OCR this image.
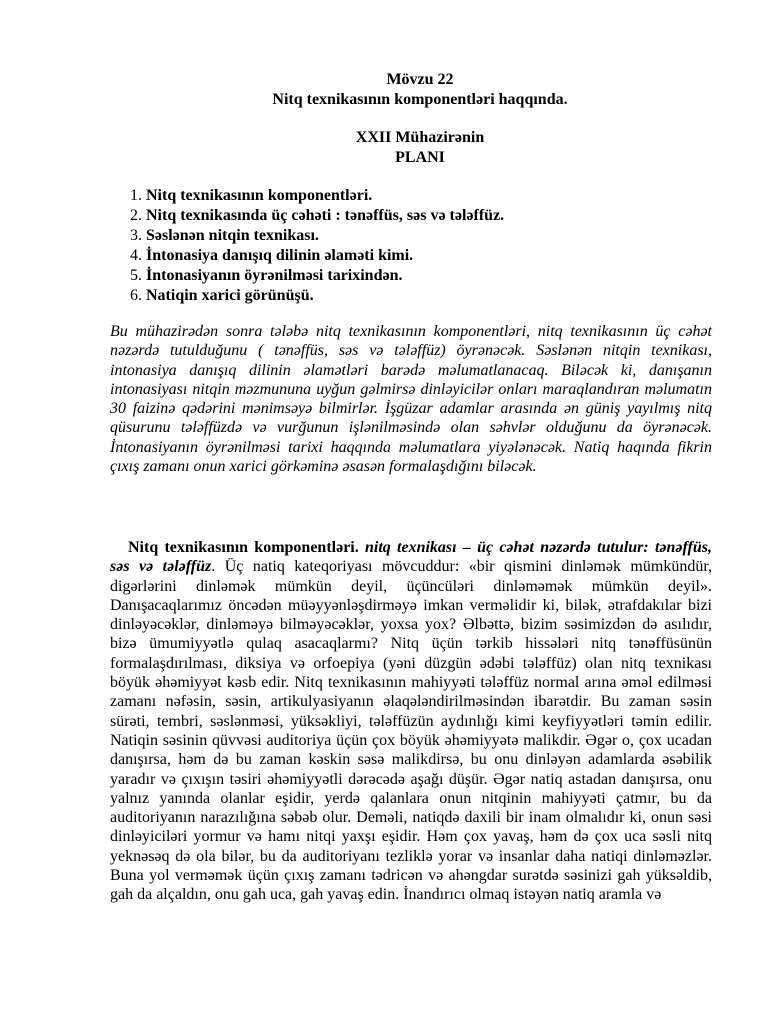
Mövzu 22
Nitq texnikasının komponentləri haqqında.
XXII Mühazirənin
PLANI
1. Nitq texnikasının komponentləri.
2. Nitq texnikasında üç cəhəti : tənəffüs, səs və tələffüz.
3. Səslənən nitqin texnikası.
4. İntonasiya danışıq dilinin əlaməti kimi.
5. İntonasiyanın öyrənilməsi tarixindən.
6. Natiqin xarici görünüşü.

Bu mühazirədən sonra tələbə nitq texnikasının komponentləri, nitq texnikasının üç cəhət nəzərdə tutulduğunu ( tənəffüs, səs və tələffüz) öyrənəcək. Səslənən nitqin texnikası, intonasiya danışıq dilinin əlamətləri barədə məlumatlanacaq. Biləcək ki, danışanın intonasiyası nitqin məzmununa uyğun gəlmirsə dinləyicilər onları maraqlandıran məlumatın 30 faizinə qədərini mənimsəyə bilmirlər. İşgüzar adamlar arasında ən güniş yayılmış nitq qüsurunu tələffüzdə və vurğunun işlənilməsində olan səhvlər olduğunu da öyrənəcək. İntonasiyanın öyrənilməsi tarixi haqqında məlumatlara yiyələnəcək. Natiq haqında fikrin çıxış zamanı onun xarici görkəminə əsasən formalaşdığını biləcək.

Nitq texnikasının komponentləri. nitq texnikası – üç cəhət nəzərdə tutulur: tənəffüs, səs və tələffüz. Üç natiq kateqoriyası mövcuddur: «bir qismini dinləmək mümkündür, digərlərini dinləmək mümkün deyil, üçüncüləri dinləməmək mümkün deyil». Danışacaqlarımız öncədən müəyyənləşdirməyə imkan verməlidir ki, bilək, ətrafdakılar bizi dinləyəcəklər, dinləməyə bilməyəcəklər, yoxsa yox? Əlbəttə, bizim səsimizdən də asılıdır, bizə ümumiyyətlə qulaq asacaqlarmı? Nitq üçün tərkib hissələri nitq tənəffüsünün formalaşdırılması, diksiya və orfoepiya (yəni düzgün ədəbi tələffüz) olan nitq texnikası böyük əhəmiyyət kəsb edir. Nitq texnikasının mahiyyəti tələffüz normal arına əməl edilməsi zamanı nəfəsin, səsin, artikulyasiyanın əlaqələndirilməsindən ibarətdir. Bu zaman səsin sürəti, tembri, səslənməsi, yüksəkliyi, tələffüzün aydınlığı kimi keyfiyyətləri təmin edilir. Natiqin səsinin qüvvəsi auditoriya üçün çox böyük əhəmiyyətə malikdir. Əgər o, çox ucadan danışırsa, həm də bu zaman kəskin səsə malikdirsə, bu onu dinləyən adamlarda əsəbilik yaradır və çıxışın təsiri əhəmiyyətli dərəcədə aşağı düşür. Əgər natiq astadan danışırsa, onu yalnız yanında olanlar eşidir, yerdə qalanlara onun nitqinin mahiyyəti çatmır, bu da auditoriyanın narazılığına səbəb olur. Deməli, natiqdə daxili bir inam olmalıdır ki, onun səsi dinləyiciləri yormur və hamı nitqi yaxşı eşidir. Həm çox yavaş, həm də çox uca səsli nitq yeknəsəq də ola bilər, bu da auditoriyanı tezliklə yorar və insanlar daha natiqi dinləməzlər. Buna yol verməmək üçün çıxış zamanı tədricən və ahəngdar surətdə səsinizi gah yüksəldib, gah da alçaldın, onu gah uca, gah yavaş edin. İnandırıcı olmaq istəyən natiq aramla və
